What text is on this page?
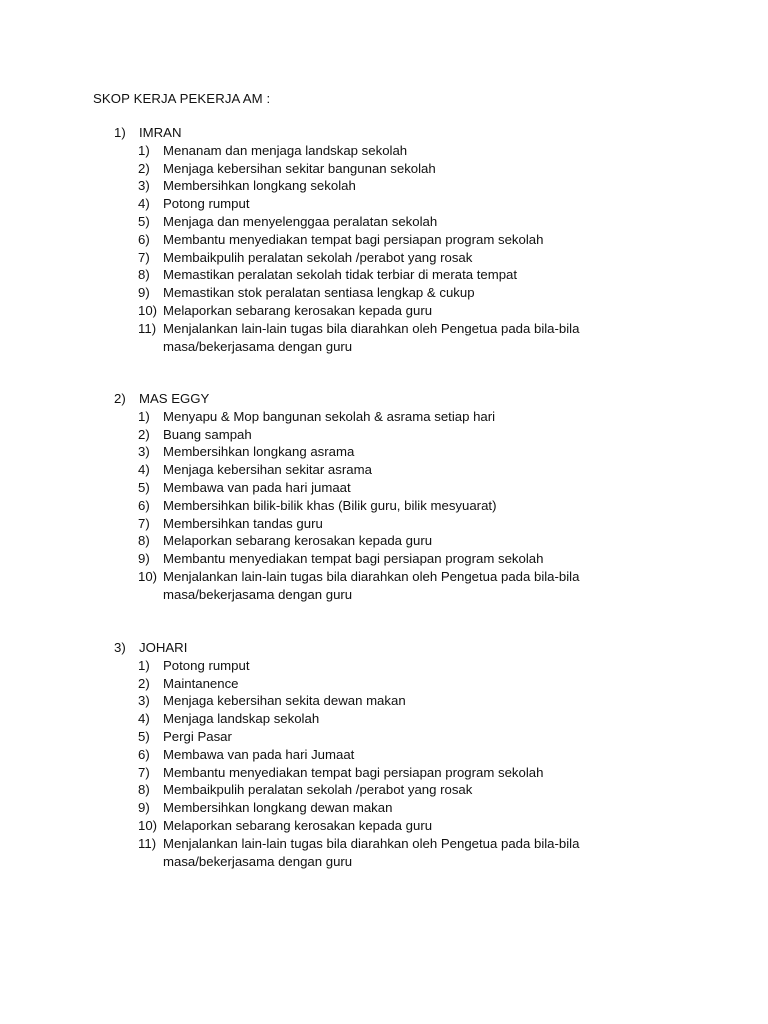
SKOP KERJA PEKERJA AM :
1) IMRAN
1)	Menanam dan menjaga landskap sekolah
2)	Menjaga kebersihan sekitar bangunan sekolah
3)	Membersihkan longkang sekolah
4)	Potong rumput
5)	Menjaga dan menyelenggaa peralatan sekolah
6)	Membantu menyediakan tempat bagi persiapan program sekolah
7)	Membaikpulih peralatan sekolah /perabot yang rosak
8)	Memastikan peralatan sekolah tidak terbiar di merata tempat
9)	Memastikan stok peralatan sentiasa lengkap & cukup
10) Melaporkan sebarang kerosakan kepada guru
11) Menjalankan lain-lain tugas bila diarahkan oleh Pengetua pada bila-bila masa/bekerjasama dengan guru
2) MAS EGGY
1)	Menyapu & Mop bangunan sekolah & asrama setiap hari
2)	Buang sampah
3)	Membersihkan longkang asrama
4)	Menjaga kebersihan sekitar asrama
5)	Membawa van pada hari jumaat
6)	Membersihkan bilik-bilik khas (Bilik guru, bilik mesyuarat)
7)	Membersihkan tandas guru
8)	Melaporkan sebarang kerosakan kepada guru
9)	Membantu menyediakan tempat bagi persiapan program sekolah
10) Menjalankan lain-lain tugas bila diarahkan oleh Pengetua pada bila-bila masa/bekerjasama dengan guru
3) JOHARI
1)	Potong rumput
2)	Maintanence
3)	Menjaga kebersihan sekita dewan makan
4)	Menjaga landskap sekolah
5)	Pergi Pasar
6)	Membawa van pada hari Jumaat
7)	Membantu menyediakan tempat bagi persiapan program sekolah
8)	Membaikpulih peralatan sekolah /perabot yang rosak
9)	Membersihkan longkang dewan makan
10) Melaporkan sebarang kerosakan kepada guru
11) Menjalankan lain-lain tugas bila diarahkan oleh Pengetua pada bila-bila masa/bekerjasama dengan guru
